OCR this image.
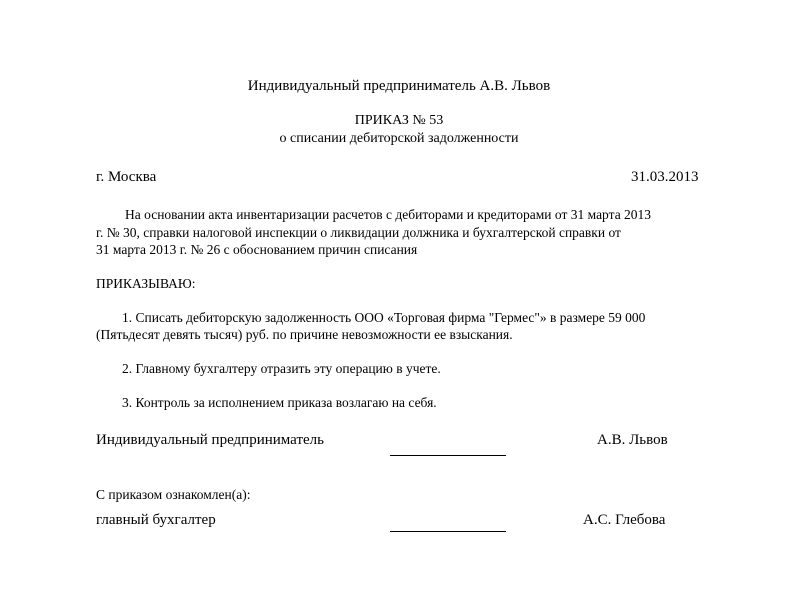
Индивидуальный предприниматель А.В. Львов
ПРИКАЗ № 53
о списании дебиторской задолженности
г. Москва	31.03.2013
На основании акта инвентаризации расчетов с дебиторами и кредиторами от 31 марта 2013
г. № 30, справки налоговой инспекции о ликвидации должника и бухгалтерской справки от
31 марта 2013 г. № 26 с обоснованием причин списания
ПРИКАЗЫВАЮ:
1. Списать дебиторскую задолженность ООО «Торговая фирма "Гермес"» в размере 59 000
(Пятьдесят девять тысяч) руб. по причине невозможности ее взыскания.
2. Главному бухгалтеру отразить эту операцию в учете.
3. Контроль за исполнением приказа возлагаю на себя.
Индивидуальный предприниматель	А.В. Львов
С приказом ознакомлен(а):
главный бухгалтер	А.С. Глебова
